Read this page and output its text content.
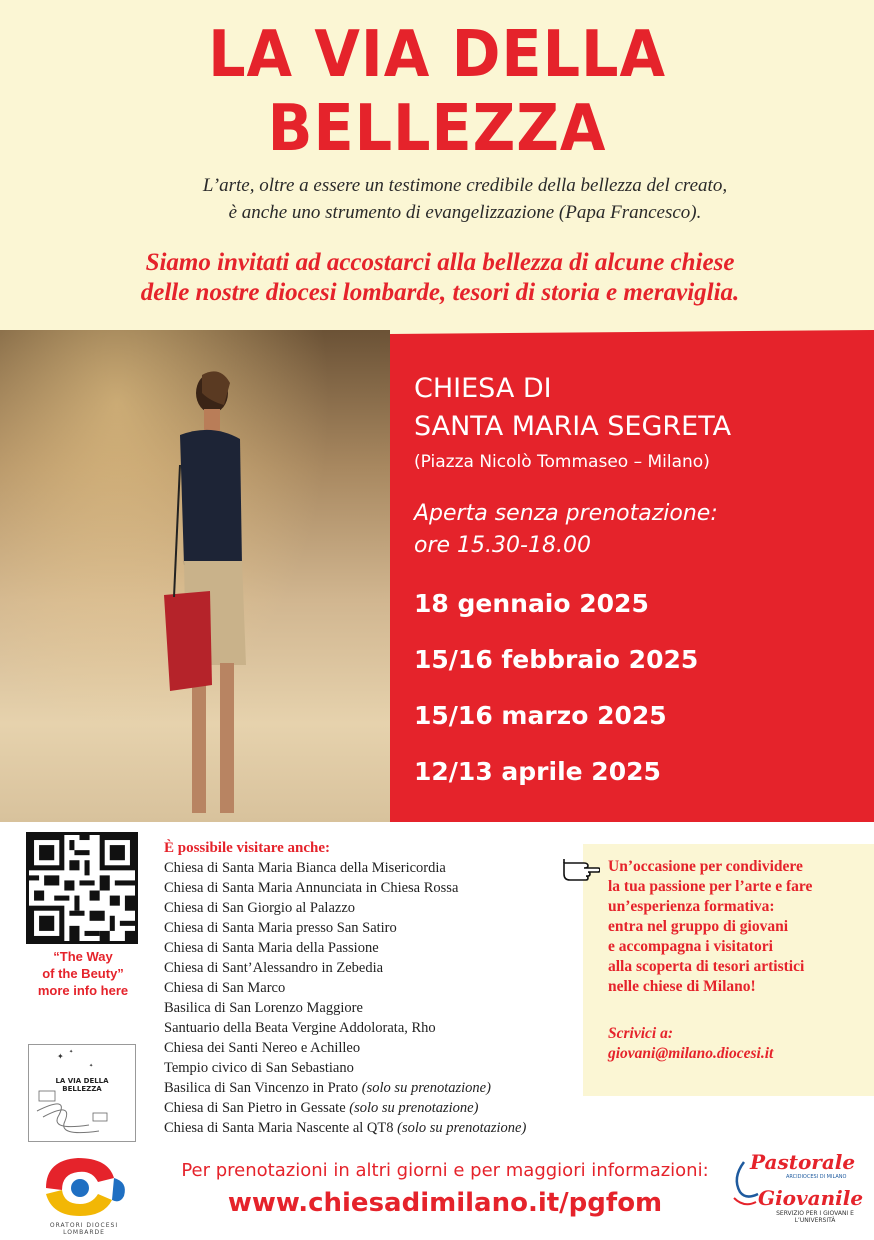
LA VIA DELLA BELLEZZA
L’arte, oltre a essere un testimone credibile della bellezza del creato,
è anche uno strumento di evangelizzazione (Papa Francesco).
Siamo invitati ad accostarci alla bellezza di alcune chiese
delle nostre diocesi lombarde, tesori di storia e meraviglia.
CHIESA DI
SANTA MARIA SEGRETA
(Piazza Nicolò Tommaseo – Milano)
Aperta senza prenotazione:
ore 15.30-18.00
18 gennaio 2025
15/16 febbraio 2025
15/16 marzo 2025
12/13 aprile 2025
“The Way
of the Beuty”
more info here
✦ ✦
✦
LA VIA DELLA BELLEZZA
È possibile visitare anche:
Chiesa di Santa Maria Bianca della Misericordia
Chiesa di Santa Maria Annunciata in Chiesa Rossa
Chiesa di San Giorgio al Palazzo
Chiesa di Santa Maria presso San Satiro
Chiesa di Santa Maria della Passione
Chiesa di Sant’Alessandro in Zebedia
Chiesa di San Marco
Basilica di San Lorenzo Maggiore
Santuario della Beata Vergine Addolorata, Rho
Chiesa dei Santi Nereo e Achilleo
Tempio civico di San Sebastiano
Basilica di San Vincenzo in Prato (solo su prenotazione)
Chiesa di San Pietro in Gessate (solo su prenotazione)
Chiesa di Santa Maria Nascente al QT8 (solo su prenotazione)
Un’occasione per condividere
la tua passione per l’arte e fare
un’esperienza formativa:
entra nel gruppo di giovani
e accompagna i visitatori
alla scoperta di tesori artistici
nelle chiese di Milano!
Scrivici a:
giovani@milano.diocesi.it
Per prenotazioni in altri giorni e per maggiori informazioni:
www.chiesadimilano.it/pgfom
ORATORI DIOCESI LOMBARDE
Pastorale
ARCIDIOCESI DI MILANO
Giovanile
SERVIZIO PER I GIOVANI E L’UNIVERSITÀ
